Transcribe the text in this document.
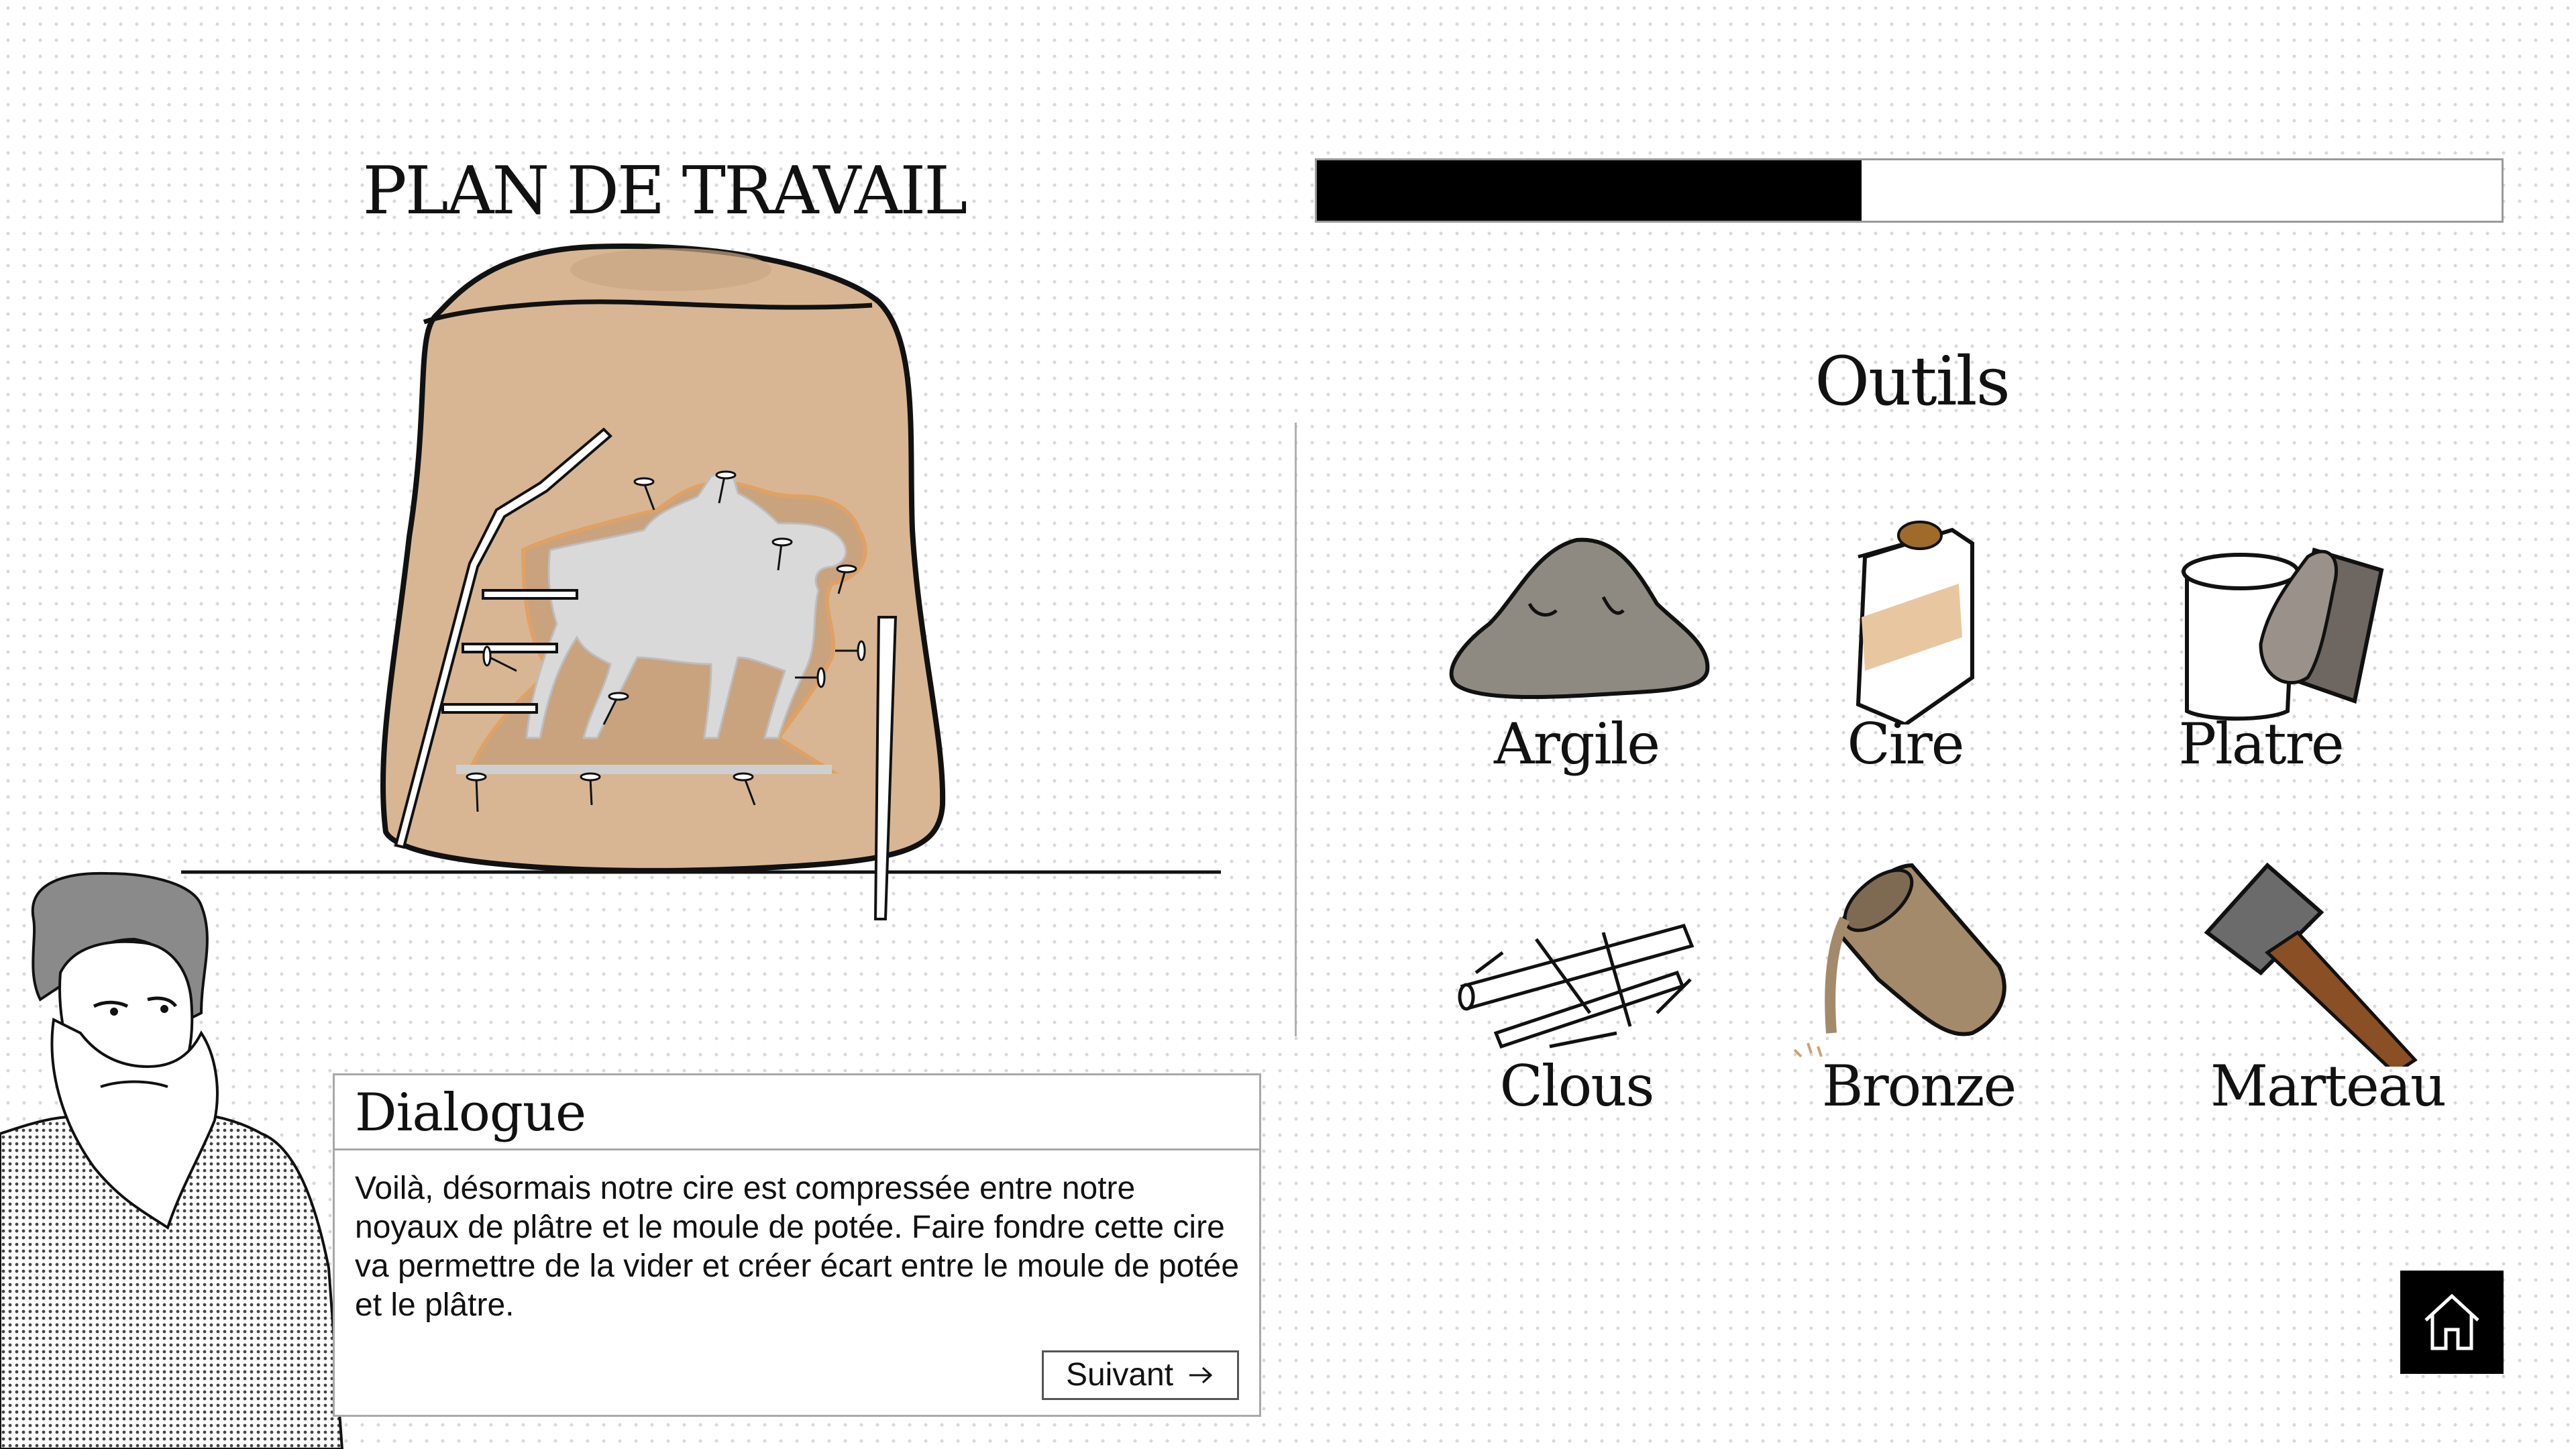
PLAN DE TRAVAIL
Outils
Argile	Cire	Platre
Clous	Bronze	Marteau
Dialogue
Voilà, désormais notre cire est compressée entre notre noyaux de plâtre et le moule de potée. Faire fondre cette cire va permettre de la vider et créer écart entre le moule de potée et le plâtre.
Suivant
